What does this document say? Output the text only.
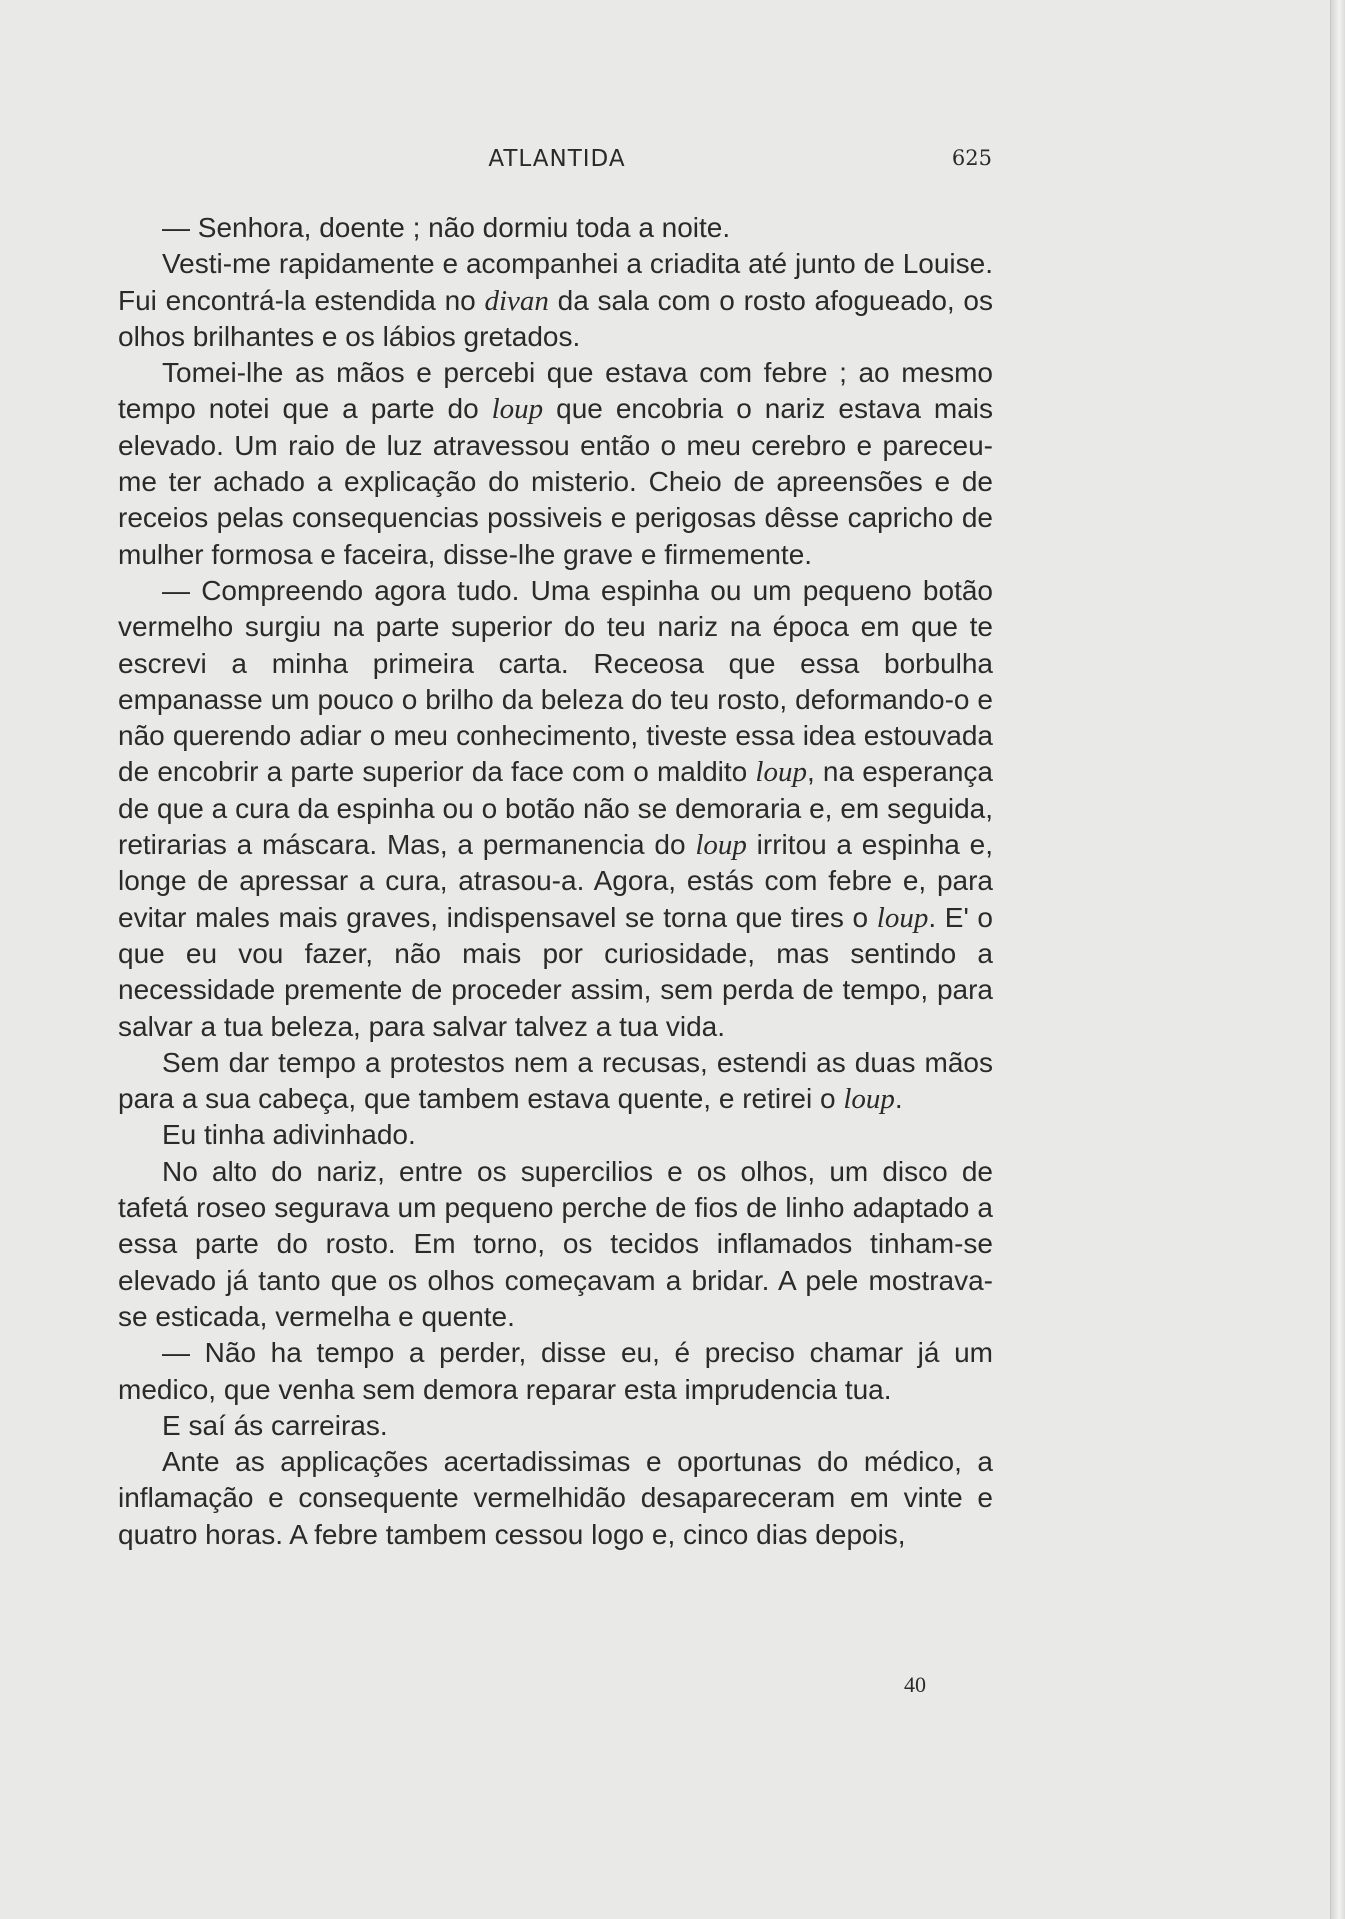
ATLANTIDA	625

— Senhora, doente ; não dormiu toda a noite.

Vesti-me rapidamente e acompanhei a criadita até junto de Louise. Fui encontrá-la estendida no divan da sala com o rosto afogueado, os olhos brilhantes e os lábios gretados.

Tomei-lhe as mãos e percebi que estava com febre ; ao mesmo tempo notei que a parte do loup que encobria o nariz estava mais elevado. Um raio de luz atravessou então o meu cerebro e pareceu-me ter achado a explicação do misterio. Cheio de apreensões e de receios pelas consequencias possiveis e perigosas dêsse capricho de mulher formosa e faceira, disse-lhe grave e firmemente.

— Compreendo agora tudo. Uma espinha ou um pequeno botão vermelho surgiu na parte superior do teu nariz na época em que te escrevi a minha primeira carta. Receosa que essa borbulha empanasse um pouco o brilho da beleza do teu rosto, deformando-o e não querendo adiar o meu conhecimento, tiveste essa idea estouvada de encobrir a parte superior da face com o maldito loup, na esperança de que a cura da espinha ou o botão não se demoraria e, em seguida, retirarias a máscara. Mas, a permanencia do loup irritou a espinha e, longe de apressar a cura, atrasou-a. Agora, estás com febre e, para evitar males mais graves, indispensavel se torna que tires o loup. E' o que eu vou fazer, não mais por curiosidade, mas sentindo a necessidade premente de proceder assim, sem perda de tempo, para salvar a tua beleza, para salvar talvez a tua vida.

Sem dar tempo a protestos nem a recusas, estendi as duas mãos para a sua cabeça, que tambem estava quente, e retirei o loup.

Eu tinha adivinhado.

No alto do nariz, entre os supercilios e os olhos, um disco de tafetá roseo segurava um pequeno perche de fios de linho adaptado a essa parte do rosto. Em torno, os tecidos inflamados tinham-se elevado já tanto que os olhos começavam a bridar. A pele mostrava-se esticada, vermelha e quente.

— Não ha tempo a perder, disse eu, é preciso chamar já um medico, que venha sem demora reparar esta imprudencia tua.

E saí ás carreiras.

Ante as applicações acertadissimas e oportunas do médico, a inflamação e consequente vermelhidão desapareceram em vinte e quatro horas. A febre tambem cessou logo e, cinco dias depois,

40
